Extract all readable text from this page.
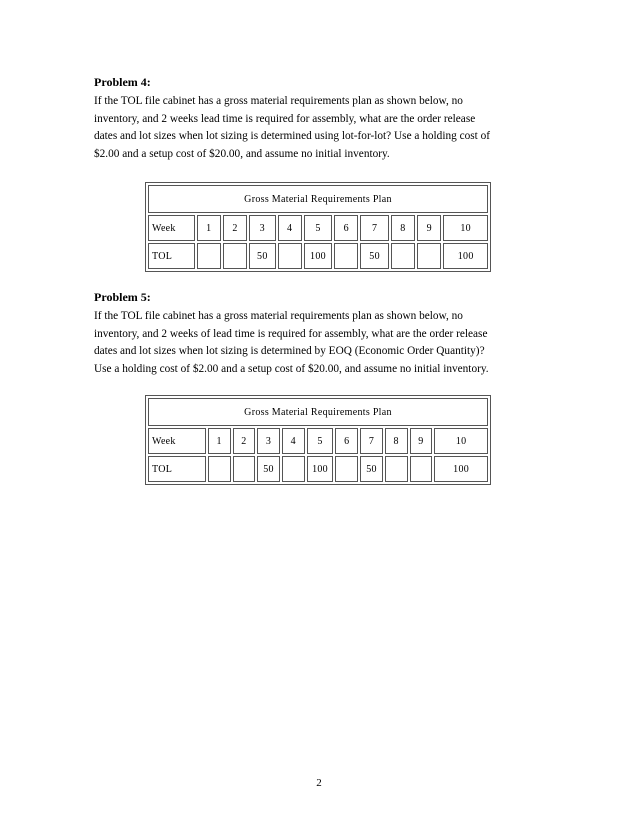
Problem 4:

If the TOL file cabinet has a gross material requirements plan as shown below, no
inventory, and 2 weeks lead time is required for assembly, what are the order release
dates and lot sizes when lot sizing is determined using lot-for-lot? Use a holding cost of
$2.00 and a setup cost of $20.00, and assume no initial inventory.

Gross Material Requirements Plan										
Week	1	2	3	4	5	6	7	8	9	10
TOL			50		100		50			100

Problem 5:

If the TOL file cabinet has a gross material requirements plan as shown below, no
inventory, and 2 weeks of lead time is required for assembly, what are the order release
dates and lot sizes when lot sizing is determined by EOQ (Economic Order Quantity)?
Use a holding cost of $2.00 and a setup cost of $20.00, and assume no initial inventory.

Gross Material Requirements Plan										
Week	1	2	3	4	5	6	7	8	9	10
TOL			50		100		50			100
2
